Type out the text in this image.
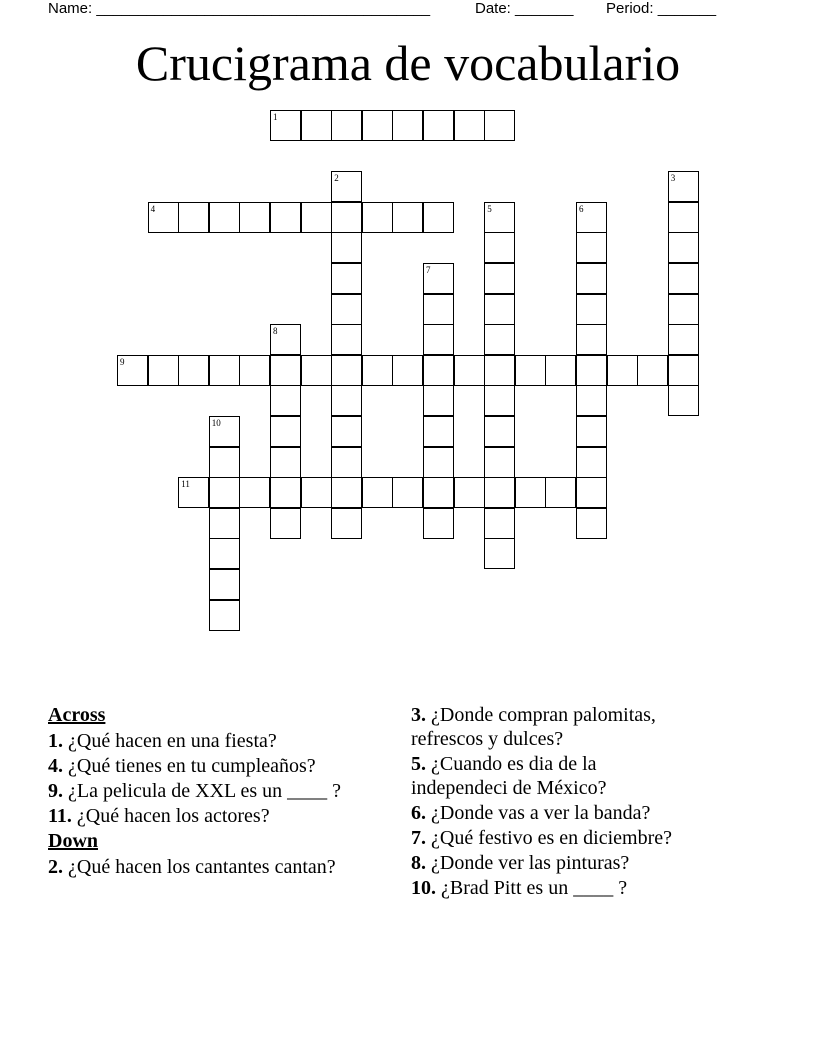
Name: ________________________________________	Date: _______ Period: _______
Crucigrama de vocabulario
1
2	3
4	5	6
7
8
9
10
11
Across
1. ¿Qué hacen en una fiesta?
4. ¿Qué tienes en tu cumpleaños?
9. ¿La pelicula de XXL es un ____ ?
11. ¿Qué hacen los actores?
Down
2. ¿Qué hacen los cantantes cantan?
3. ¿Donde compran palomitas, refrescos y dulces?
5. ¿Cuando es dia de la independeci de México?
6. ¿Donde vas a ver la banda?
7. ¿Qué festivo es en diciembre?
8. ¿Donde ver las pinturas?
10. ¿Brad Pitt es un ____ ?
